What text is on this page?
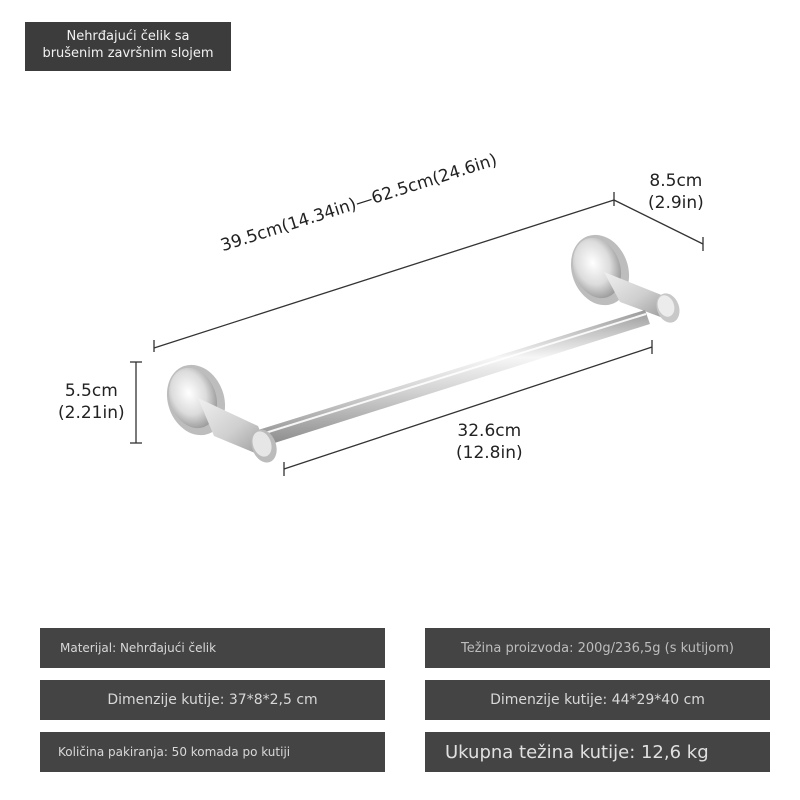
Nehrđajući čelik sa
brušenim završnim slojem
39.5cm(14.34in)—62.5cm(24.6in)	8.5cm
(2.9in)
5.5cm
(2.21in)
32.6cm
(12.8in)
Materijal: Nehrđajući čelik	Težina proizvoda: 200g/236,5g (s kutijom)
Dimenzije kutije: 37*8*2,5 cm	Dimenzije kutije: 44*29*40 cm
Količina pakiranja: 50 komada po kutiji	Ukupna težina kutije: 12,6 kg
